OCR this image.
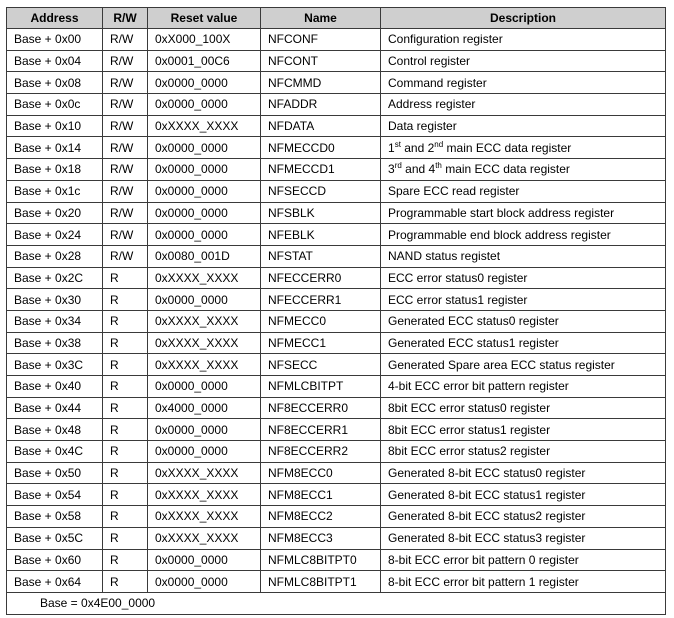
Address	R/W	Reset value	Name	Description
Base + 0x00	R/W	0xX000_100X	NFCONF	Configuration register
Base + 0x04	R/W	0x0001_00C6	NFCONT	Control register
Base + 0x08	R/W	0x0000_0000	NFCMMD	Command register
Base + 0x0c	R/W	0x0000_0000	NFADDR	Address register
Base + 0x10	R/W	0xXXXX_XXXX	NFDATA	Data register
Base + 0x14	R/W	0x0000_0000	NFMECCD0	1st and 2nd main ECC data register
Base + 0x18	R/W	0x0000_0000	NFMECCD1	3rd and 4th main ECC data register
Base + 0x1c	R/W	0x0000_0000	NFSECCD	Spare ECC read register
Base + 0x20	R/W	0x0000_0000	NFSBLK	Programmable start block address register
Base + 0x24	R/W	0x0000_0000	NFEBLK	Programmable end block address register
Base + 0x28	R/W	0x0080_001D	NFSTAT	NAND status registet
Base + 0x2C	R	0xXXXX_XXXX	NFECCERR0	ECC error status0 register
Base + 0x30	R	0x0000_0000	NFECCERR1	ECC error status1 register
Base + 0x34	R	0xXXXX_XXXX	NFMECC0	Generated ECC status0 register
Base + 0x38	R	0xXXXX_XXXX	NFMECC1	Generated ECC status1 register
Base + 0x3C	R	0xXXXX_XXXX	NFSECC	Generated Spare area ECC status register
Base + 0x40	R	0x0000_0000	NFMLCBITPT	4-bit ECC error bit pattern register
Base + 0x44	R	0x4000_0000	NF8ECCERR0	8bit ECC error status0 register
Base + 0x48	R	0x0000_0000	NF8ECCERR1	8bit ECC error status1 register
Base + 0x4C	R	0x0000_0000	NF8ECCERR2	8bit ECC error status2 register
Base + 0x50	R	0xXXXX_XXXX	NFM8ECC0	Generated 8-bit ECC status0 register
Base + 0x54	R	0xXXXX_XXXX	NFM8ECC1	Generated 8-bit ECC status1 register
Base + 0x58	R	0xXXXX_XXXX	NFM8ECC2	Generated 8-bit ECC status2 register
Base + 0x5C	R	0xXXXX_XXXX	NFM8ECC3	Generated 8-bit ECC status3 register
Base + 0x60	R	0x0000_0000	NFMLC8BITPT0	8-bit ECC error bit pattern 0 register
Base + 0x64	R	0x0000_0000	NFMLC8BITPT1	8-bit ECC error bit pattern 1 register
Base = 0x4E00_0000				
